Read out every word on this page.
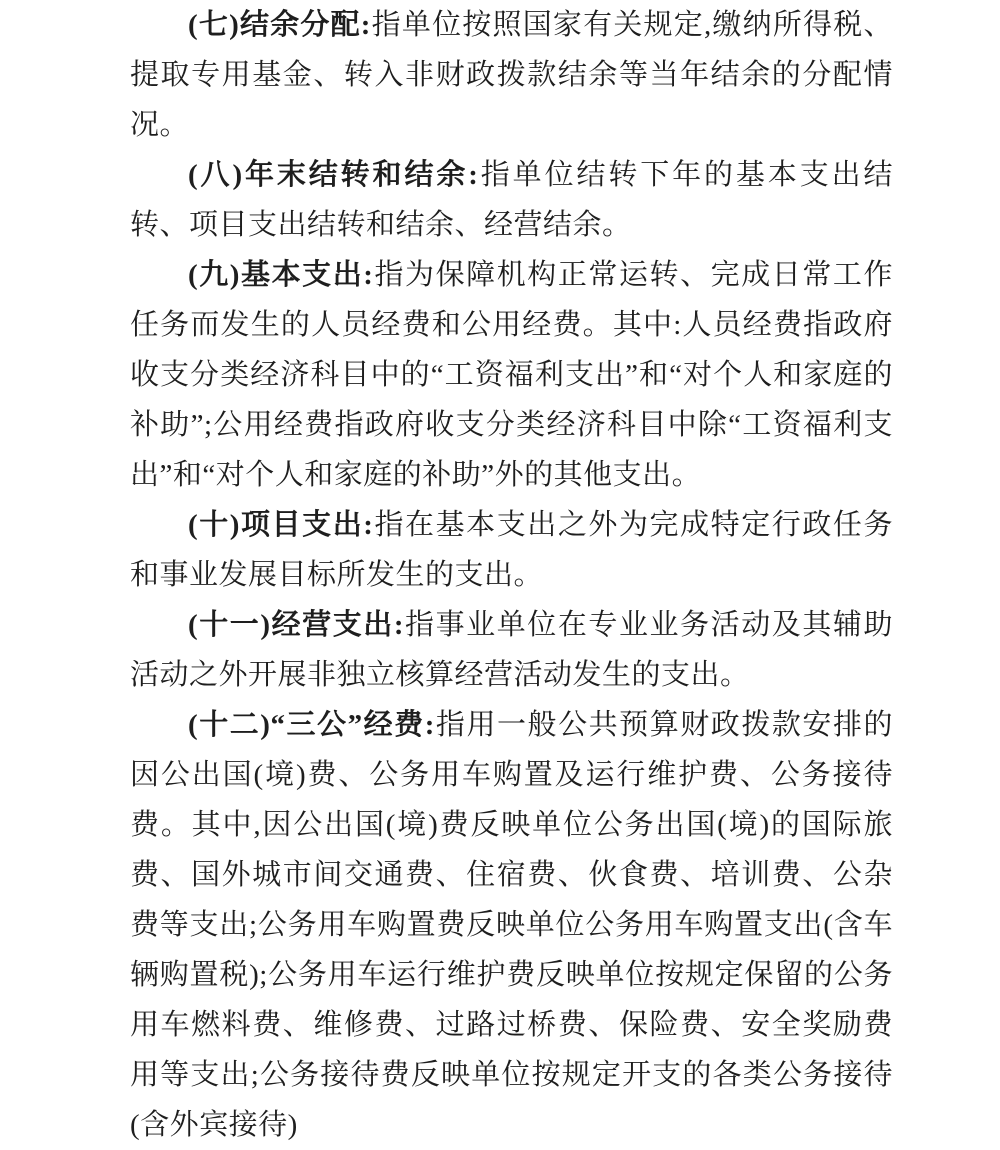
(七)结余分配:指单位按照国家有关规定,缴纳所得税、提取专用基金、转入非财政拨款结余等当年结余的分配情况。

(八)年末结转和结余:指单位结转下年的基本支出结转、项目支出结转和结余、经营结余。

(九)基本支出:指为保障机构正常运转、完成日常工作任务而发生的人员经费和公用经费。其中:人员经费指政府收支分类经济科目中的“工资福利支出”和“对个人和家庭的补助”;公用经费指政府收支分类经济科目中除“工资福利支出”和“对个人和家庭的补助”外的其他支出。

(十)项目支出:指在基本支出之外为完成特定行政任务和事业发展目标所发生的支出。

(十一)经营支出:指事业单位在专业业务活动及其辅助活动之外开展非独立核算经营活动发生的支出。

(十二)“三公”经费:指用一般公共预算财政拨款安排的因公出国(境)费、公务用车购置及运行维护费、公务接待费。其中,因公出国(境)费反映单位公务出国(境)的国际旅费、国外城市间交通费、住宿费、伙食费、培训费、公杂费等支出;公务用车购置费反映单位公务用车购置支出(含车辆购置税);公务用车运行维护费反映单位按规定保留的公务用车燃料费、维修费、过路过桥费、保险费、安全奖励费用等支出;公务接待费反映单位按规定开支的各类公务接待(含外宾接待)
